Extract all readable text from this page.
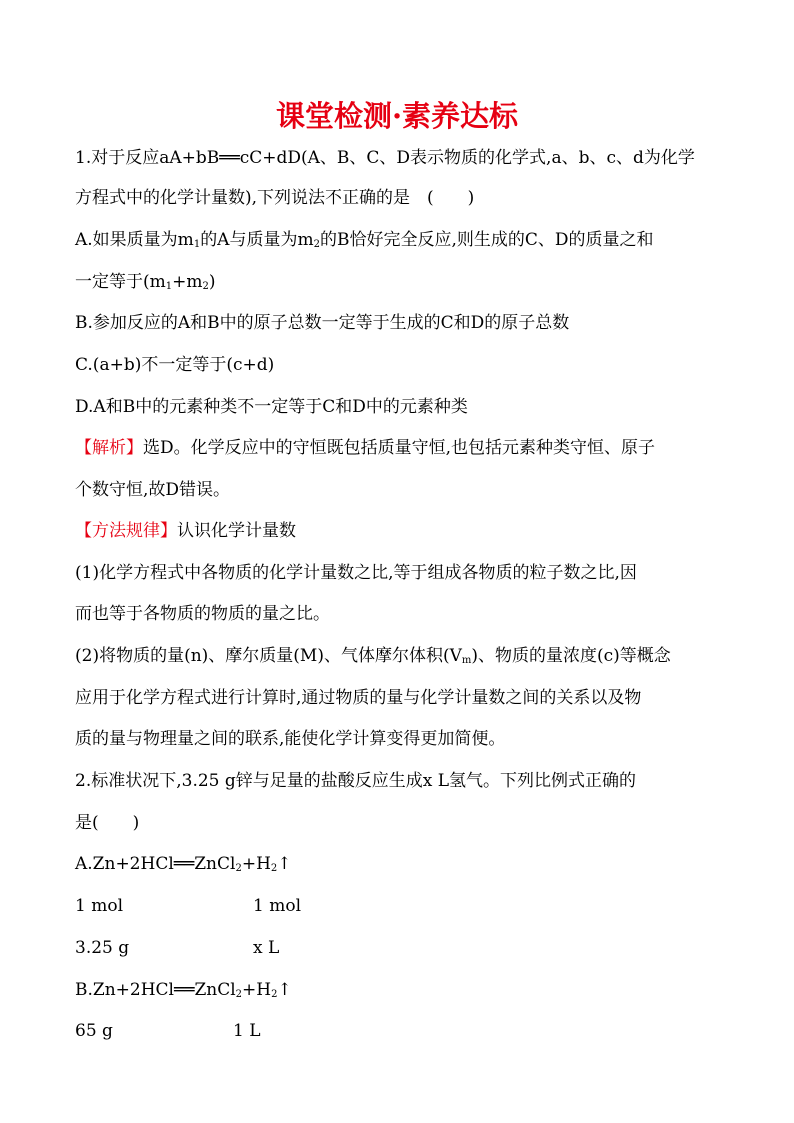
课堂检测·素养达标
1.对于反应aA+bB══cC+dD(A、B、C、D表示物质的化学式,a、b、c、d为化学
方程式中的化学计量数),下列说法不正确的是　(　　)
A.如果质量为$m_1$的A与质量为$m_2$的B恰好完全反应,则生成的C、D的质量之和
一定等于$(m_1+m_2)$
B.参加反应的A和B中的原子总数一定等于生成的C和D的原子总数
C.(a+b)不一定等于(c+d)
D.A和B中的元素种类不一定等于C和D中的元素种类
【解析】选D。化学反应中的守恒既包括质量守恒,也包括元素种类守恒、原子
个数守恒,故D错误。
【方法规律】认识化学计量数
(1)化学方程式中各物质的化学计量数之比,等于组成各物质的粒子数之比,因
而也等于各物质的物质的量之比。
(2)将物质的量(n)、摩尔质量(M)、气体摩尔体积$(V_m)$、物质的量浓度(c)等概念
应用于化学方程式进行计算时,通过物质的量与化学计量数之间的关系以及物
质的量与物理量之间的联系,能使化学计算变得更加简便。
2.标准状况下,3.25 g锌与足量的盐酸反应生成x L氢气。下列比例式正确的
是(　　)
$A.Zn+2HCl══ZnCl_2+H_2↑$
1 mol	1 mol
3.25 g	x L
$B.Zn+2HCl══ZnCl_2+H_2↑$
65 g	1 L
